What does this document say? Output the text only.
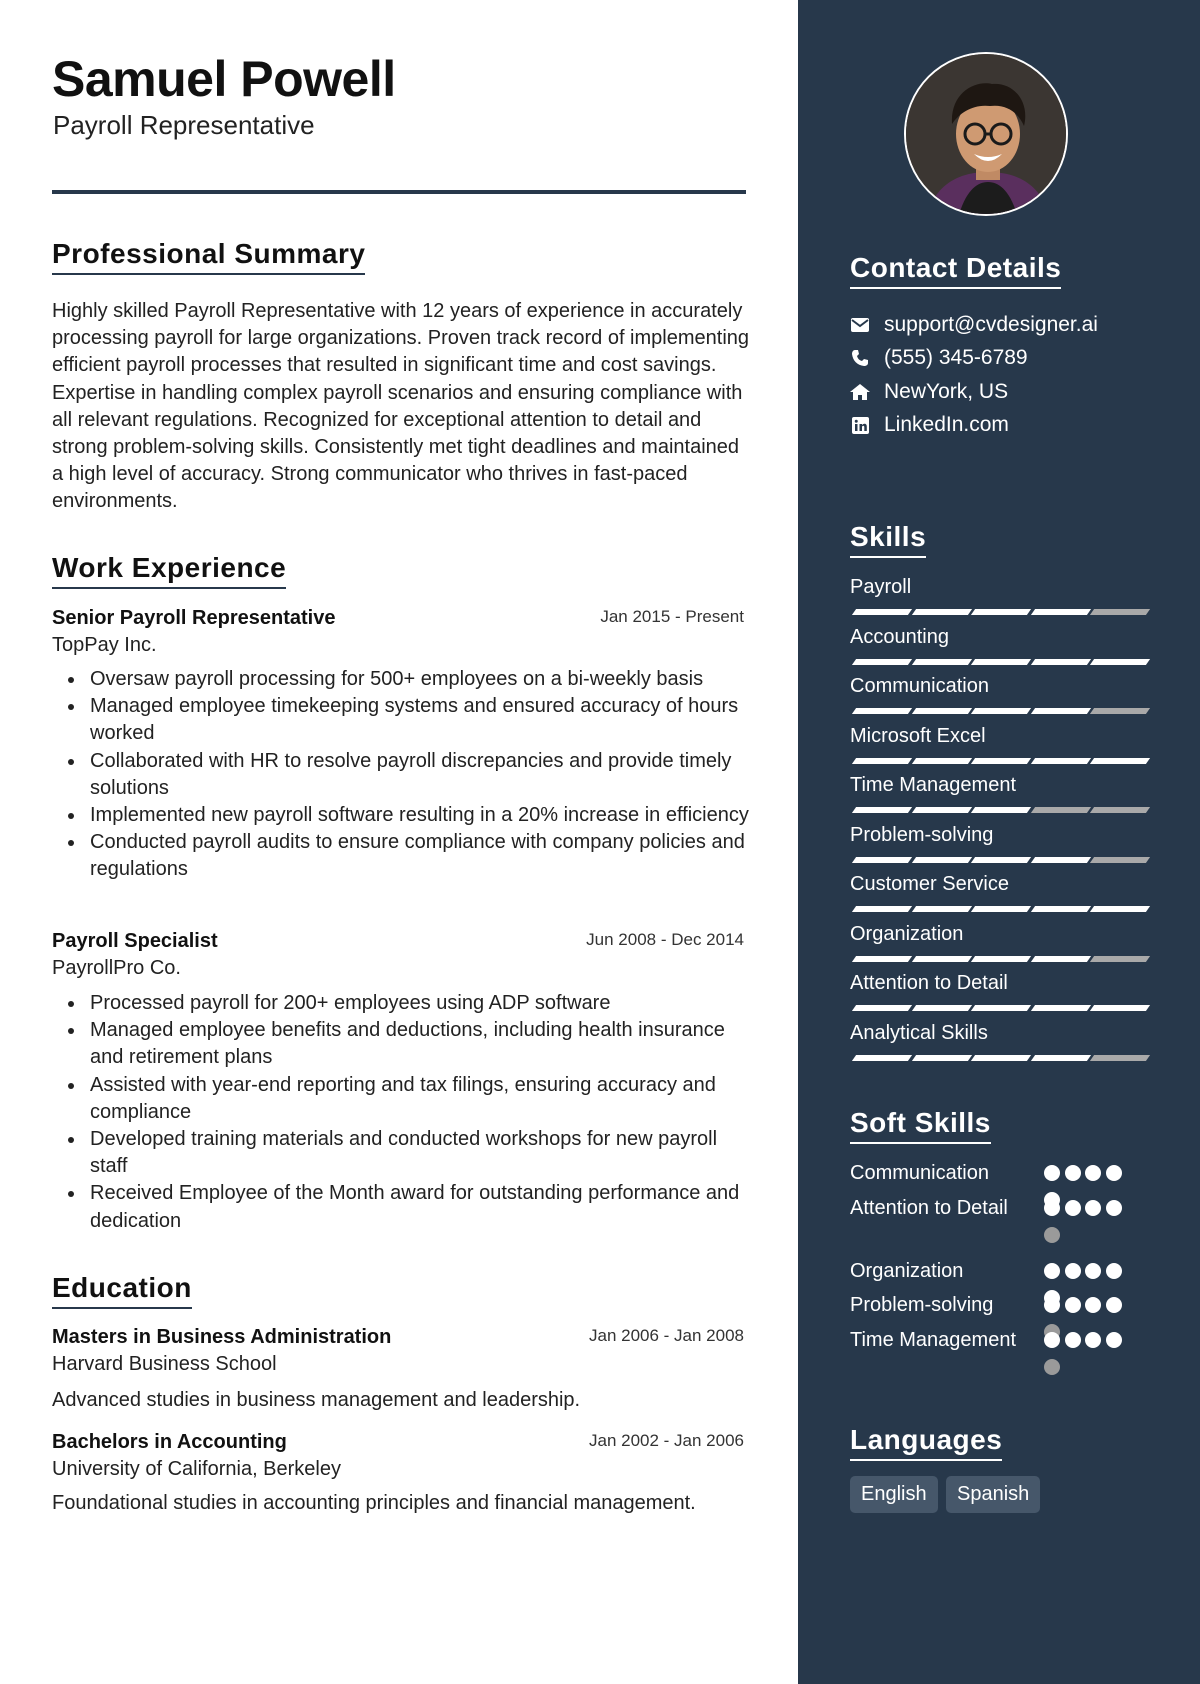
Samuel Powell
Payroll Representative
Professional Summary

Highly skilled Payroll Representative with 12 years of experience in accurately processing payroll for large organizations. Proven track record of implementing efficient payroll processes that resulted in significant time and cost savings. Expertise in handling complex payroll scenarios and ensuring compliance with all relevant regulations. Recognized for exceptional attention to detail and strong problem-solving skills. Consistently met tight deadlines and maintained a high level of accuracy. Strong communicator who thrives in fast-paced environments.

Work Experience
Senior Payroll Representative	Jan 2015 - Present
TopPay Inc.
Oversaw payroll processing for 500+ employees on a bi-weekly basis
Managed employee timekeeping systems and ensured accuracy of hours worked
Collaborated with HR to resolve payroll discrepancies and provide timely solutions
Implemented new payroll software resulting in a 20% increase in efficiency
Conducted payroll audits to ensure compliance with company policies and regulations
Payroll Specialist	Jun 2008 - Dec 2014
PayrollPro Co.
Processed payroll for 200+ employees using ADP software
Managed employee benefits and deductions, including health insurance and retirement plans
Assisted with year-end reporting and tax filings, ensuring accuracy and compliance
Developed training materials and conducted workshops for new payroll staff
Received Employee of the Month award for outstanding performance and dedication
Education
Masters in Business Administration	Jan 2006 - Jan 2008
Harvard Business School
Advanced studies in business management and leadership.
Bachelors in Accounting	Jan 2002 - Jan 2006
University of California, Berkeley
Foundational studies in accounting principles and financial management.
Contact Details
support@cvdesigner.ai
(555) 345-6789
NewYork, US
LinkedIn.com
Skills
Payroll
Accounting
Communication
Microsoft Excel
Time Management
Problem-solving
Customer Service
Organization
Attention to Detail
Analytical Skills
Soft Skills
Communication
Attention to Detail
Organization
Problem-solving
Time Management
Languages
English	Spanish
